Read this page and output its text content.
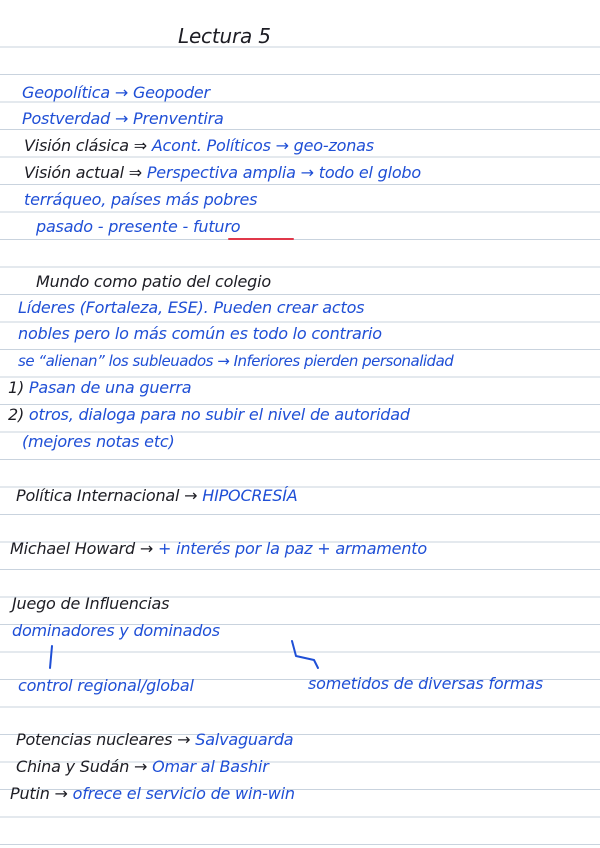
Lectura 5
Geopolítica → Geopoder
Postverdad → Prenventira
Visión clásica ⇒ Acont. Políticos → geo-zonas
Visión actual ⇒ Perspectiva amplia → todo el globo
terráqueo, países más pobres
pasado - presente - futuro
Mundo como patio del colegio
Líderes (Fortaleza, ESE). Pueden crear actos
nobles pero lo más común es todo lo contrario
se “alienan” los subleuados → Inferiores pierden personalidad
1) Pasan de una guerra
2) otros, dialoga para no subir el nivel de autoridad
(mejores notas etc)
Política Internacional → HIPOCRESÍA
Michael Howard → + interés por la paz + armamento
Juego de Influencias
dominadores y dominados
control regional/global	sometidos de diversas formas
Potencias nucleares → Salvaguarda
China y Sudán → Omar al Bashir
Putin → ofrece el servicio de win-win
